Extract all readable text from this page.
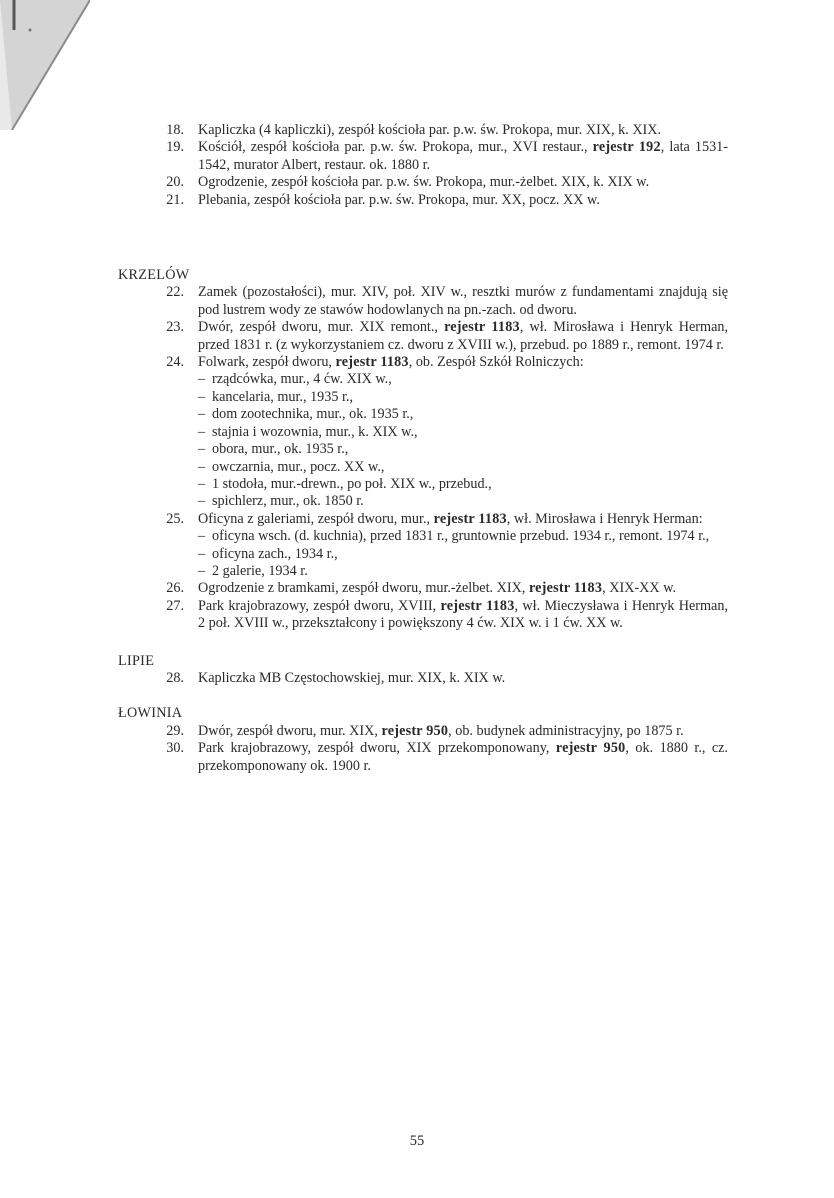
18. Kapliczka (4 kapliczki), zespół kościoła par. p.w. św. Prokopa, mur. XIX, k. XIX.
19. Kościół, zespół kościoła par. p.w. św. Prokopa, mur., XVI restaur., rejestr 192, lata 1531-1542, murator Albert, restaur. ok. 1880 r.
20. Ogrodzenie, zespół kościoła par. p.w. św. Prokopa, mur.-żelbet. XIX, k. XIX w.
21. Plebania, zespół kościoła par. p.w. św. Prokopa, mur. XX, pocz. XX w.
KRZELÓW
22. Zamek (pozostałości), mur. XIV, poł. XIV w., resztki murów z fundamentami znajdują się pod lustrem wody ze stawów hodowlanych na pn.-zach. od dworu.
23. Dwór, zespół dworu, mur. XIX remont., rejestr 1183, wł. Mirosława i Henryk Herman, przed 1831 r. (z wykorzystaniem cz. dworu z XVIII w.), przebud. po 1889 r., remont. 1974 r.
24. Folwark, zespół dworu, rejestr 1183, ob. Zespół Szkół Rolniczych:
– rządcówka, mur., 4 ćw. XIX w.,
– kancelaria, mur., 1935 r.,
– dom zootechnika, mur., ok. 1935 r.,
– stajnia i wozownia, mur., k. XIX w.,
– obora, mur., ok. 1935 r.,
– owczarnia, mur., pocz. XX w.,
– 1 stodoła, mur.-drewn., po poł. XIX w., przebud.,
– spichlerz, mur., ok. 1850 r.
25. Oficyna z galeriami, zespół dworu, mur., rejestr 1183, wł. Mirosława i Henryk Herman:
– oficyna wsch. (d. kuchnia), przed 1831 r., gruntownie przebud. 1934 r., remont. 1974 r.,
– oficyna zach., 1934 r.,
– 2 galerie, 1934 r.
26. Ogrodzenie z bramkami, zespół dworu, mur.-żelbet. XIX, rejestr 1183, XIX-XX w.
27. Park krajobrazowy, zespół dworu, XVIII, rejestr 1183, wł. Mieczysława i Henryk Herman, 2 poł. XVIII w., przekształcony i powiększony 4 ćw. XIX w. i 1 ćw. XX w.
LIPIE
28. Kapliczka MB Częstochowskiej, mur. XIX, k. XIX w.
ŁOWINIA
29. Dwór, zespół dworu, mur. XIX, rejestr 950, ob. budynek administracyjny, po 1875 r.
30. Park krajobrazowy, zespół dworu, XIX przekomponowany, rejestr 950, ok. 1880 r., cz. przekomponowany ok. 1900 r.
55
